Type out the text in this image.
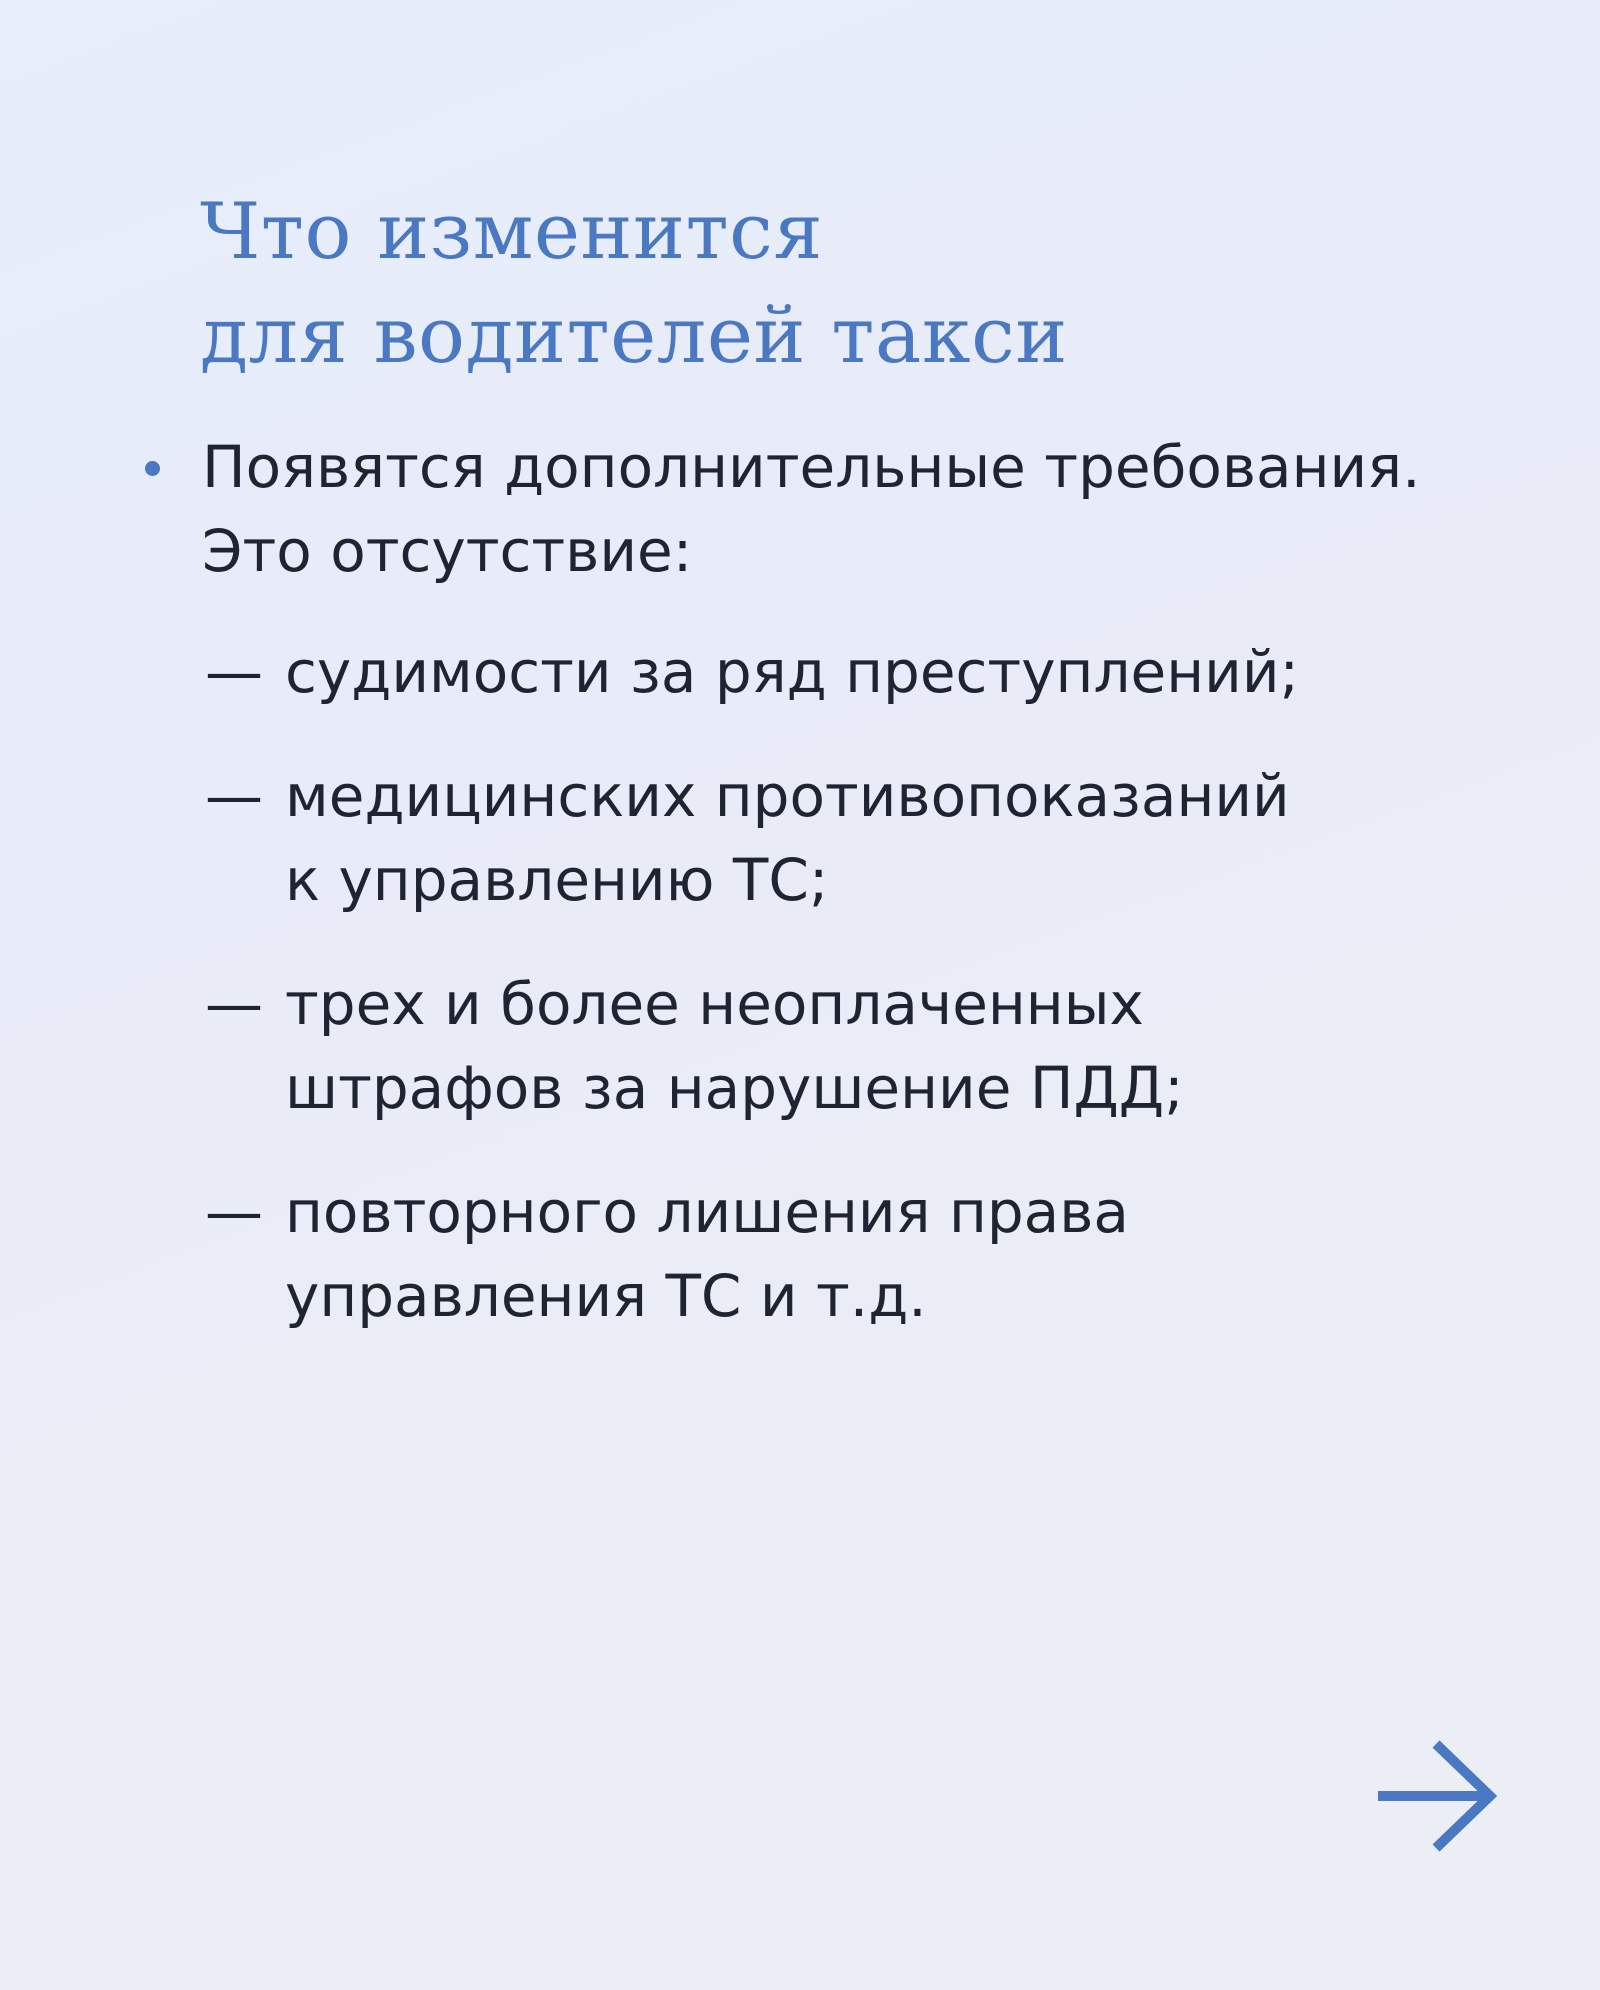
Что изменится
для водителей такси
Появятся дополнительные требования.
Это отсутствие:
— судимости за ряд преступлений;
— медицинских противопоказаний
к управлению ТС;
— трех и более неоплаченных
штрафов за нарушение ПДД;
— повторного лишения права
управления ТС и т.д.
